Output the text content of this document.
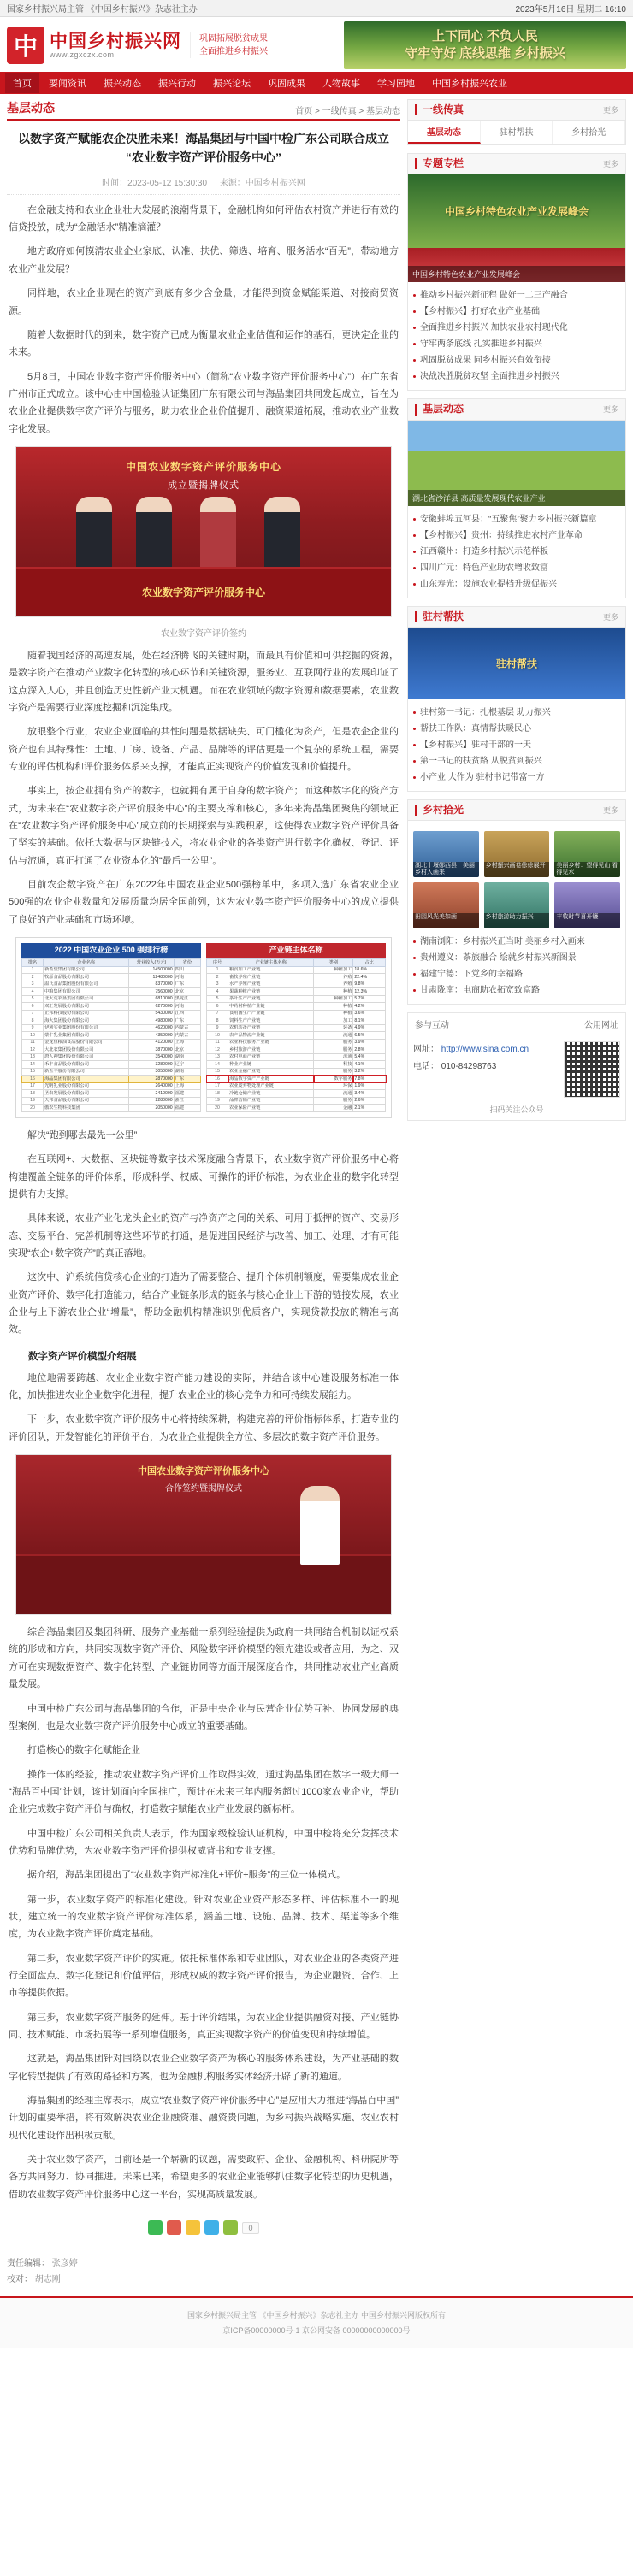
国家乡村振兴局主管 《中国乡村振兴》杂志社主办	2023年5月16日 星期二 16:10
中 中国乡村振兴网
www.zgxczx.com
巩固拓展脱贫成果
全面推进乡村振兴
上下同心 不负人民
守牢守好 底线思维 乡村振兴
首页	要闻资讯	振兴动态	振兴行动	振兴论坛	巩固成果	人物故事	学习园地	中国乡村振兴农业
基层动态	首页 > 一线传真 > 基层动态
以数字资产赋能农企决胜未来！海晶集团与中国中检广东公司联合成立
“农业数字资产评价服务中心”
时间：2023-05-12 15:30:30 来源：中国乡村振兴网

在金融支持和农业企业壮大发展的浪潮背景下，金融机构如何评估农村资产并进行有效的信贷投放，成为“金融活水”精准滴灌？

地方政府如何摸清农业企业家底、认准、扶优、筛选、培育、服务活水“百无”，带动地方农业产业发展？

同样地，农业企业现在的资产到底有多少含金量，才能得到资金赋能渠道、对接商贸资源。

随着大数据时代的到来，数字资产已成为衡量农业企业估值和运作的基石，更决定企业的未来。

5月8日，中国农业数字资产评价服务中心（简称“农业数字资产评价服务中心”）在广东省广州市正式成立。该中心由中国检验认证集团广东有限公司与海晶集团共同发起成立，旨在为农业企业提供数字资产评价与服务，助力农业企业价值提升、融资渠道拓展，推动农业产业数字化发展。

中国农业数字资产评价服务中心
成立暨揭牌仪式
农业数字资产评价服务中心
农业数字资产评价签约

随着我国经济的高速发展，处在经济腾飞的关键时期，而最具有价值和可供挖掘的资源，是数字资产在推动产业数字化转型的核心环节和关键资源，服务业、互联网行业的发展印证了这点深入人心，并且创造历史性新产业大机遇。而在农业领域的数字资源和数据要素，农业数字资产是需要行业深度挖掘和沉淀集成。

放眼整个行业，农业企业面临的共性问题是数据缺失、可门槛化为资产，但是农企企业的资产也有其特殊性：土地、厂房、设备、产品、品牌等的评估更是一个复杂的系统工程，需要专业的评估机构和评价服务体系来支撑，才能真正实现资产的价值发现和价值提升。

事实上，按企业拥有资产的数字，也就拥有属于自身的数字资产；而这种数字化的资产方式，为未来在“农业数字资产评价服务中心”的主要支撑和核心，多年来海晶集团聚焦的领域正在“农业数字资产评价服务中心”成立前的长期探索与实践积累，这使得农业数字资产评价具备了坚实的基础。依托大数据与区块链技术，将农业企业的各类资产进行数字化确权、登记、评估与流通，真正打通了农业资本化的“最后一公里”。

目前农企数字资产在广东2022年中国农业企业500强榜单中，多项入选广东省农业企业500强的农业企业数量和发展质量均居全国前列，这为农业数字资产评价服务中心的成立提供了良好的产业基础和市场环境。

2022 中国农业企业 500 强排行榜
排名	企业名称	营业收入(万元)	省份
1	新希望集团有限公司	14500000	四川
2	牧原食品股份有限公司	12480000	河南
3	温氏食品集团股份有限公司	8370000	广东
4	中粮集团有限公司	7560000	北京
5	北大荒农垦集团有限公司	6810000	黑龙江
6	双汇发展股份有限公司	6270000	河南
7	正邦科技股份有限公司	5430000	江西
8	海大集团股份有限公司	4980000	广东
9	伊利实业集团股份有限公司	4620000	内蒙古
10	蒙牛乳业集团有限公司	4350000	内蒙古
11	金龙鱼粮油食品股份有限公司	4120000	上海
12	大北农集团股份有限公司	3870000	北京
13	唐人神集团股份有限公司	3540000	湖南
14	禾丰食品股份有限公司	3280000	辽宁
15	新五丰股份有限公司	3050000	湖南
16	海晶集团有限公司	2870000	广东
17	光明乳业股份有限公司	2640000	上海
18	圣农发展股份有限公司	2410000	福建
19	天邦食品股份有限公司	2280000	浙江
20	傲农生物科技集团	2050000	福建
产业链主体名称
序号	产业链主体名称	类别	占比
1	粮食加工产业链	种植加工	18.6%
2	畜牧养殖产业链	养殖	22.4%
3	水产养殖产业链	养殖	9.8%
4	果蔬种植产业链	种植	12.3%
5	茶叶生产产业链	种植加工	5.7%
6	中药材种植产业链	种植	4.2%
7	食用菌生产产业链	种植	3.6%
8	饲料生产产业链	加工	8.1%
9	农机装备产业链	装备	4.9%
10	农产品物流产业链	流通	6.5%
11	农业科技服务产业链	服务	3.9%
12	乡村旅游产业链	服务	2.8%
13	农村电商产业链	流通	5.4%
14	种业产业链	科技	4.1%
15	农业金融产业链	服务	3.2%
16	海晶数字资产产业链	数字服务	7.8%
17	农业废弃物处理产业链	环保	1.9%
18	冷链仓储产业链	流通	3.4%
19	品牌营销产业链	服务	2.6%
20	农业保险产业链	金融	2.1%

解决“跑到哪去最先一公里”

在互联网+、大数据、区块链等数字技术深度融合背景下，农业数字资产评价服务中心将构建覆盖全链条的评价体系，形成科学、权威、可操作的评价标准，为农业企业的数字化转型提供有力支撑。

具体来说，农业产业化龙头企业的资产与净资产之间的关系、可用于抵押的资产、交易形态、交易平台、完善机制等这些环节的打通，是促进国民经济与改善、加工、处理、才有可能实现“农企+数字资产”的真正落地。

这次中、沪系统信贷核心企业的打造为了需要整合、提升个体机制额度，需要集成农业企业资产评价、数字化打造能力，结合产业链条形成的链条与核心企业上下游的链接发展，农业企业与上下游农业企业“增量”，帮助金融机构精准识别优质客户，实现贷款投放的精准与高效。

数字资产评价模型介绍展

地位地需要跨越、农业企业数字资产能力建设的实际，并结合该中心建设服务标准一体化，加快推进农业企业数字化进程，提升农业企业的核心竞争力和可持续发展能力。

下一步，农业数字资产评价服务中心将持续深耕，构建完善的评价指标体系，打造专业的评价团队，开发智能化的评价平台，为农业企业提供全方位、多层次的数字资产评价服务。

中国农业数字资产评价服务中心
合作签约暨揭牌仪式

综合海晶集团及集团科研、服务产业基础一系列经验提供为政府一共同结合机制以证权系统的形成和方向，共同实现数字资产评价、风险数字评价模型的领先建设或者应用，为之、双方可在实现数据资产、数字化转型、产业链协同等方面开展深度合作，共同推动农业产业高质量发展。

中国中检广东公司与海晶集团的合作，正是中央企业与民营企业优势互补、协同发展的典型案例，也是农业数字资产评价服务中心成立的重要基础。

打造核心的数字化赋能企业

操作一体的经验，推动农业数字资产评价工作取得实效，通过海晶集团在数字一级大师一“海晶百中国”计划，该计划面向全国推广，预计在未来三年内服务超过1000家农业企业，帮助企业完成数字资产评价与确权，打造数字赋能农业产业发展的新标杆。

中国中检广东公司相关负责人表示，作为国家级检验认证机构，中国中检将充分发挥技术优势和品牌优势，为农业数字资产评价提供权威背书和专业支撑。

据介绍，海晶集团提出了“农业数字资产标准化+评价+服务”的三位一体模式。

第一步，农业数字资产的标准化建设。针对农业企业资产形态多样、评估标准不一的现状，建立统一的农业数字资产评价标准体系，涵盖土地、设施、品牌、技术、渠道等多个维度，为农业数字资产评价奠定基础。

第二步，农业数字资产评价的实施。依托标准体系和专业团队，对农业企业的各类资产进行全面盘点、数字化登记和价值评估，形成权威的数字资产评价报告，为企业融资、合作、上市等提供依据。

第三步，农业数字资产服务的延伸。基于评价结果，为农业企业提供融资对接、产业链协同、技术赋能、市场拓展等一系列增值服务，真正实现数字资产的价值变现和持续增值。

这就是，海晶集团针对围绕以农业企业数字资产为核心的服务体系建设，为产业基础的数字化转型提供了有效的路径和方案，也为金融机构服务实体经济开辟了新的通道。

海晶集团的经理主席表示，成立“农业数字资产评价服务中心”是应用大力推进“海晶百中国”计划的重要举措，将有效解决农业企业融资难、融资贵问题，为乡村振兴战略实施、农业农村现代化建设作出积极贡献。

关于农业数字资产，目前还是一个崭新的议题，需要政府、企业、金融机构、科研院所等各方共同努力、协同推进。未来已来，希望更多的农业企业能够抓住数字化转型的历史机遇，借助农业数字资产评价服务中心这一平台，实现高质量发展。

0
责任编辑： 张彦婷
校对： 胡志刚
一线传真	更多
基层动态	驻村帮扶	乡村拾光
专题专栏	更多
中国乡村特色农业产业发展峰会
中国乡村特色农业产业发展峰会
推动乡村振兴新征程 做好一二三产融合
【乡村振兴】打好农业产业基础
全面推进乡村振兴 加快农业农村现代化
守牢两条底线 扎实推进乡村振兴
巩固脱贫成果 同乡村振兴有效衔接
决战决胜脱贫攻坚 全面推进乡村振兴
基层动态	更多
湖北省沙洋县 高质量发展现代农业产业
安徽蚌埠五河县：“五聚焦”聚力乡村振兴新篇章
【乡村振兴】贵州：持续推进农村产业革命
江西赣州：打造乡村振兴示范样板
四川广元：特色产业助农增收致富
山东寿光：设施农业提档升级促振兴
驻村帮扶	更多
驻村帮扶
驻村第一书记：扎根基层 助力振兴
帮扶工作队：真情帮扶暖民心
【乡村振兴】驻村干部的一天
第一书记的扶贫路 从脱贫到振兴
小产业 大作为 驻村书记带富一方
乡村拾光	更多
湖北十堰郧西县：美丽乡村入画来
乡村振兴画卷徐徐展开	美丽乡村：望得见山 看得见水
田园风光美如画	乡村旅游助力振兴	丰收时节喜开镰
湖南浏阳：乡村振兴正当时 美丽乡村入画来
贵州遵义：茶旅融合 绘就乡村振兴新图景
福建宁德：下党乡的幸福路
甘肃陇南：电商助农拓宽致富路
参与互动	公用网址
网址： http://www.sina.com.cn
电话： 010-84298763
扫码关注公众号

国家乡村振兴局主管 《中国乡村振兴》杂志社主办 中国乡村振兴网版权所有

京ICP备00000000号-1 京公网安备 00000000000000号
